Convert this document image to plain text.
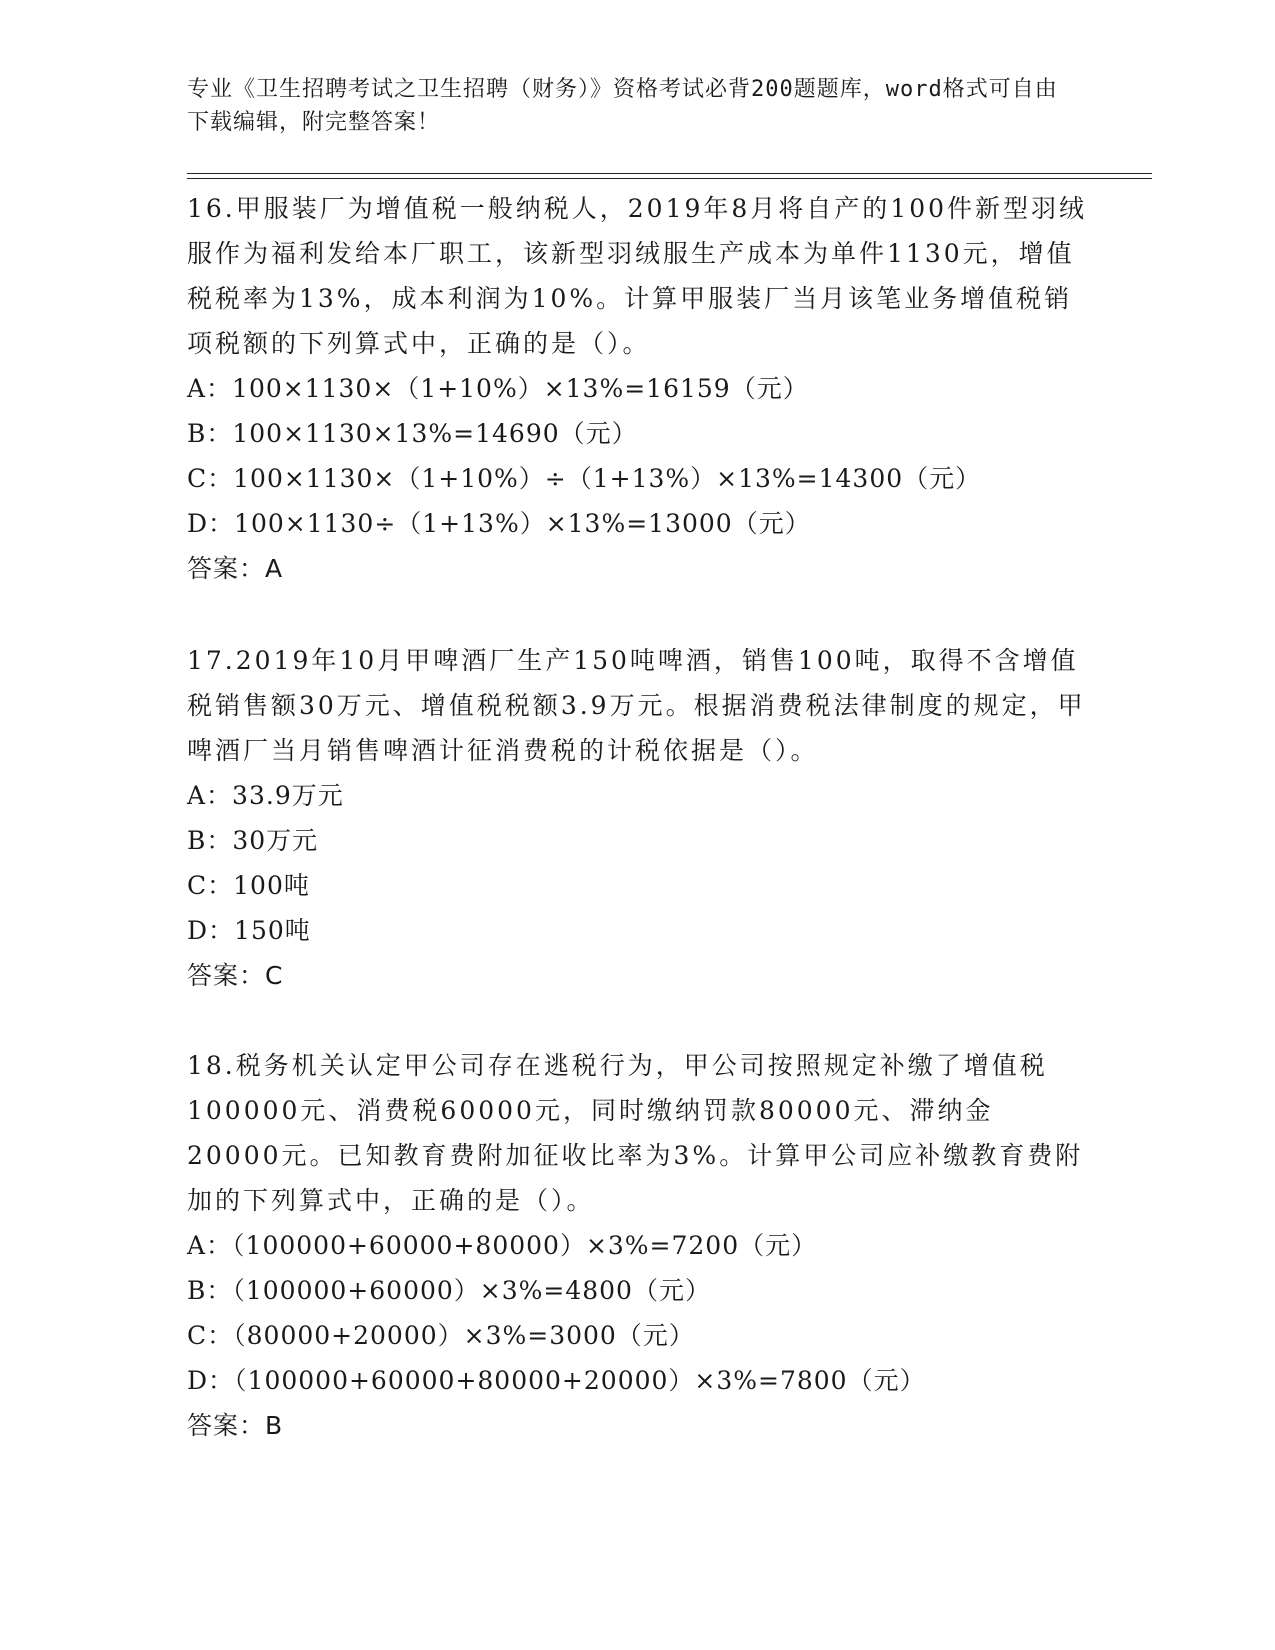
专业《卫生招聘考试之卫生招聘（财务）》资格考试必背200题题库，word格式可自由下载编辑，附完整答案！

16.甲服装厂为增值税一般纳税人，2019年8月将自产的100件新型羽绒服作为福利发给本厂职工，该新型羽绒服生产成本为单件1130元，增值税税率为13%，成本利润为10%。计算甲服装厂当月该笔业务增值税销项税额的下列算式中，正确的是（）。

A：100×1130×（1+10%）×13%=16159（元）

B：100×1130×13%=14690（元）

C：100×1130×（1+10%）÷（1+13%）×13%=14300（元）

D：100×1130÷（1+13%）×13%=13000（元）

答案：A

17.2019年10月甲啤酒厂生产150吨啤酒，销售100吨，取得不含增值税销售额30万元、增值税税额3.9万元。根据消费税法律制度的规定，甲啤酒厂当月销售啤酒计征消费税的计税依据是（）。

A：33.9万元

B：30万元

C：100吨

D：150吨

答案：C

18.税务机关认定甲公司存在逃税行为，甲公司按照规定补缴了增值税100000元、消费税60000元，同时缴纳罚款80000元、滞纳金20000元。已知教育费附加征收比率为3%。计算甲公司应补缴教育费附加的下列算式中，正确的是（）。

A：（100000+60000+80000）×3%=7200（元）

B：（100000+60000）×3%=4800（元）

C：（80000+20000）×3%=3000（元）

D：（100000+60000+80000+20000）×3%=7800（元）

答案：B
